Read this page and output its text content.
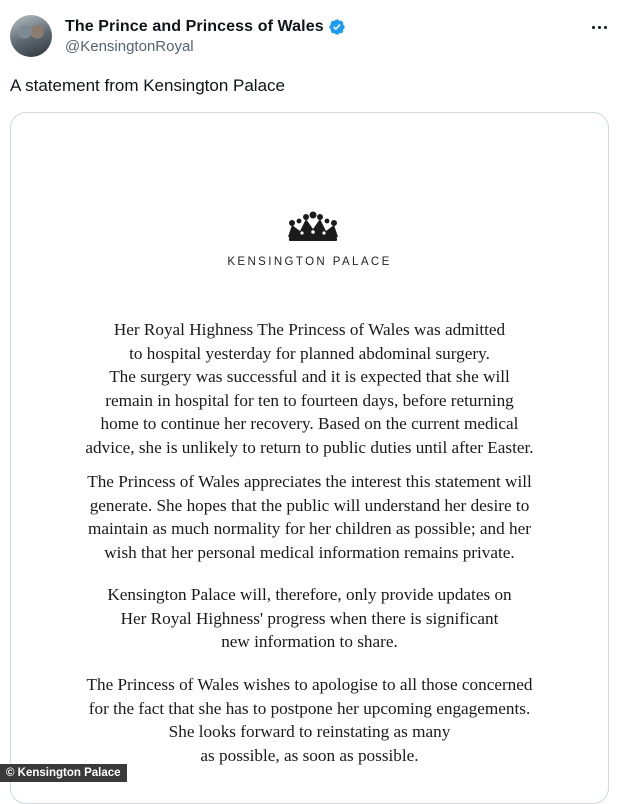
The Prince and Princess of Wales
@KensingtonRoyal
A statement from Kensington Palace
KENSINGTON PALACE
Her Royal Highness The Princess of Wales was admitted
to hospital yesterday for planned abdominal surgery.
The surgery was successful and it is expected that she will
remain in hospital for ten to fourteen days, before returning
home to continue her recovery. Based on the current medical
advice, she is unlikely to return to public duties until after Easter.
The Princess of Wales appreciates the interest this statement will
generate. She hopes that the public will understand her desire to
maintain as much normality for her children as possible; and her
wish that her personal medical information remains private.
Kensington Palace will, therefore, only provide updates on
Her Royal Highness' progress when there is significant
new information to share.
The Princess of Wales wishes to apologise to all those concerned
for the fact that she has to postpone her upcoming engagements.
She looks forward to reinstating as many
as possible, as soon as possible.
© Kensington Palace
